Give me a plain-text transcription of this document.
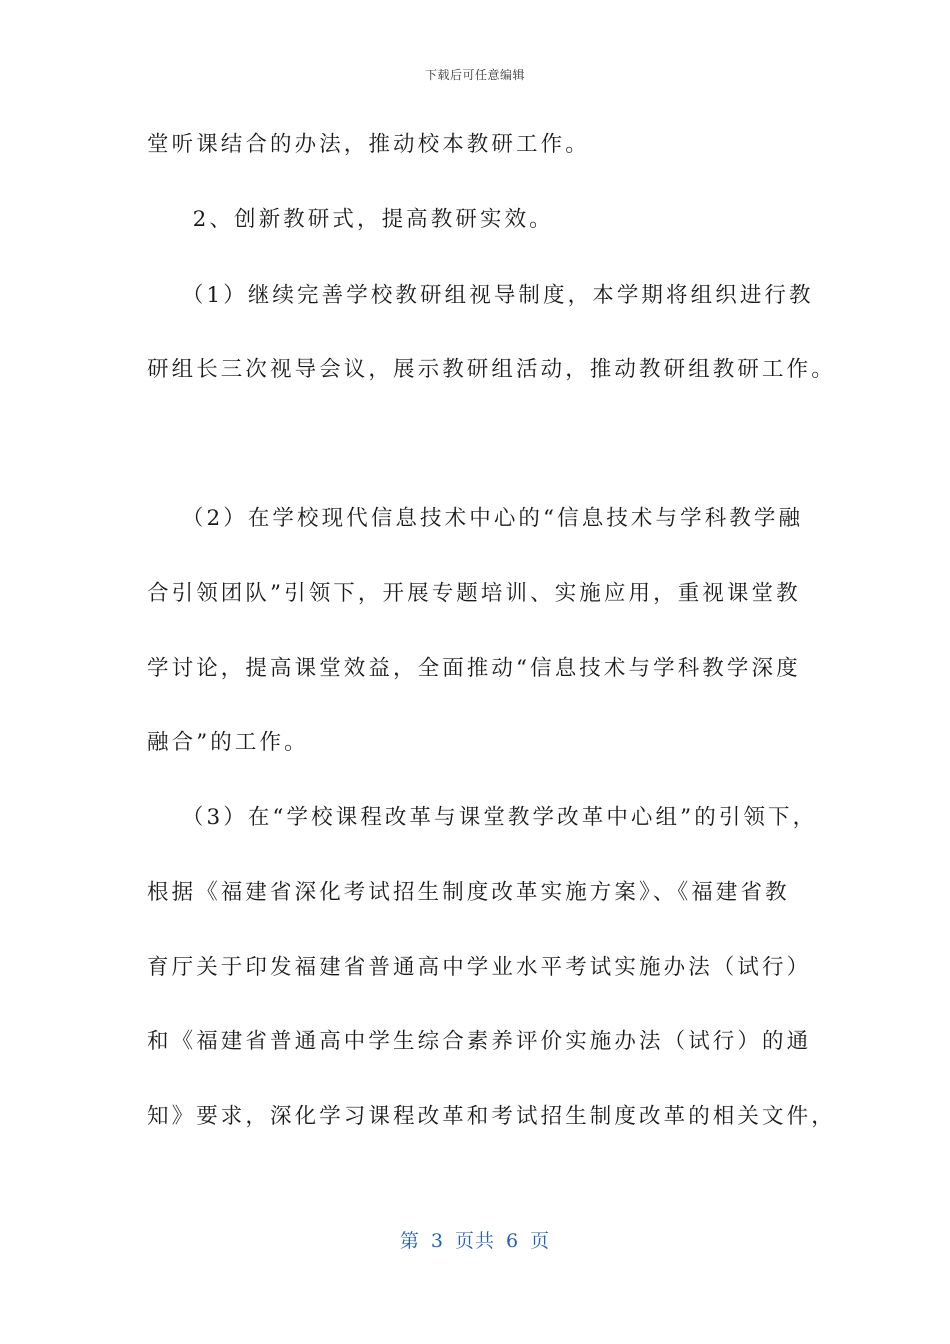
下载后可任意编辑
堂听课结合的办法，推动校本教研工作。
　2、创新教研式，提高教研实效。
　（1）继续完善学校教研组视导制度，本学期将组织进行教
研组长三次视导会议，展示教研组活动，推动教研组教研工作。
　（2）在学校现代信息技术中心的“信息技术与学科教学融
合引领团队”引领下，开展专题培训、实施应用，重视课堂教
学讨论，提高课堂效益，全面推动“信息技术与学科教学深度
融合”的工作。
　（3）在“学校课程改革与课堂教学改革中心组”的引领下，
根据《福建省深化考试招生制度改革实施方案》、《福建省教
育厅关于印发福建省普通高中学业水平考试实施办法（试行）
和《福建省普通高中学生综合素养评价实施办法（试行）的通
知》要求，深化学习课程改革和考试招生制度改革的相关文件，
第 3 页共 6 页
